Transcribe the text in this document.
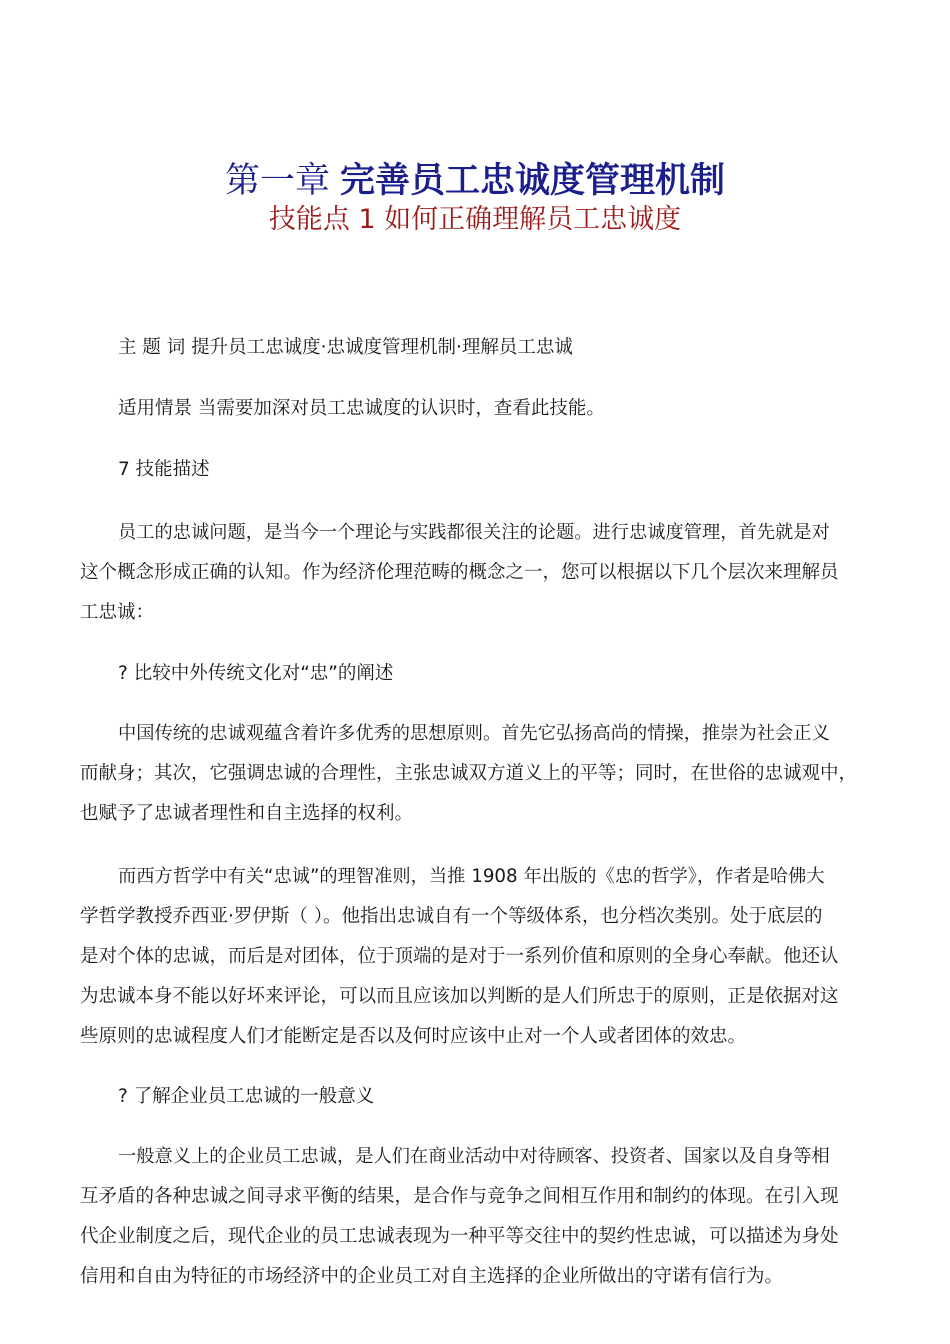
第一章 完善员工忠诚度管理机制
技能点 1 如何正确理解员工忠诚度
主 题 词 提升员工忠诚度·忠诚度管理机制·理解员工忠诚
适用情景 当需要加深对员工忠诚度的认识时，查看此技能。
7 技能描述
员工的忠诚问题，是当今一个理论与实践都很关注的论题。进行忠诚度管理，首先就是对
这个概念形成正确的认知。作为经济伦理范畴的概念之一，您可以根据以下几个层次来理解员
工忠诚：
? 比较中外传统文化对“忠”的阐述
中国传统的忠诚观蕴含着许多优秀的思想原则。首先它弘扬高尚的情操，推崇为社会正义
而献身；其次，它强调忠诚的合理性，主张忠诚双方道义上的平等；同时，在世俗的忠诚观中，
也赋予了忠诚者理性和自主选择的权利。
而西方哲学中有关“忠诚”的理智准则，当推 1908 年出版的《忠的哲学》，作者是哈佛大
学哲学教授乔西亚·罗伊斯（ ）。他指出忠诚自有一个等级体系，也分档次类别。处于底层的
是对个体的忠诚，而后是对团体，位于顶端的是对于一系列价值和原则的全身心奉献。他还认
为忠诚本身不能以好坏来评论，可以而且应该加以判断的是人们所忠于的原则，正是依据对这
些原则的忠诚程度人们才能断定是否以及何时应该中止对一个人或者团体的效忠。
? 了解企业员工忠诚的一般意义
一般意义上的企业员工忠诚，是人们在商业活动中对待顾客、投资者、国家以及自身等相
互矛盾的各种忠诚之间寻求平衡的结果，是合作与竞争之间相互作用和制约的体现。在引入现
代企业制度之后，现代企业的员工忠诚表现为一种平等交往中的契约性忠诚，可以描述为身处
信用和自由为特征的市场经济中的企业员工对自主选择的企业所做出的守诺有信行为。
